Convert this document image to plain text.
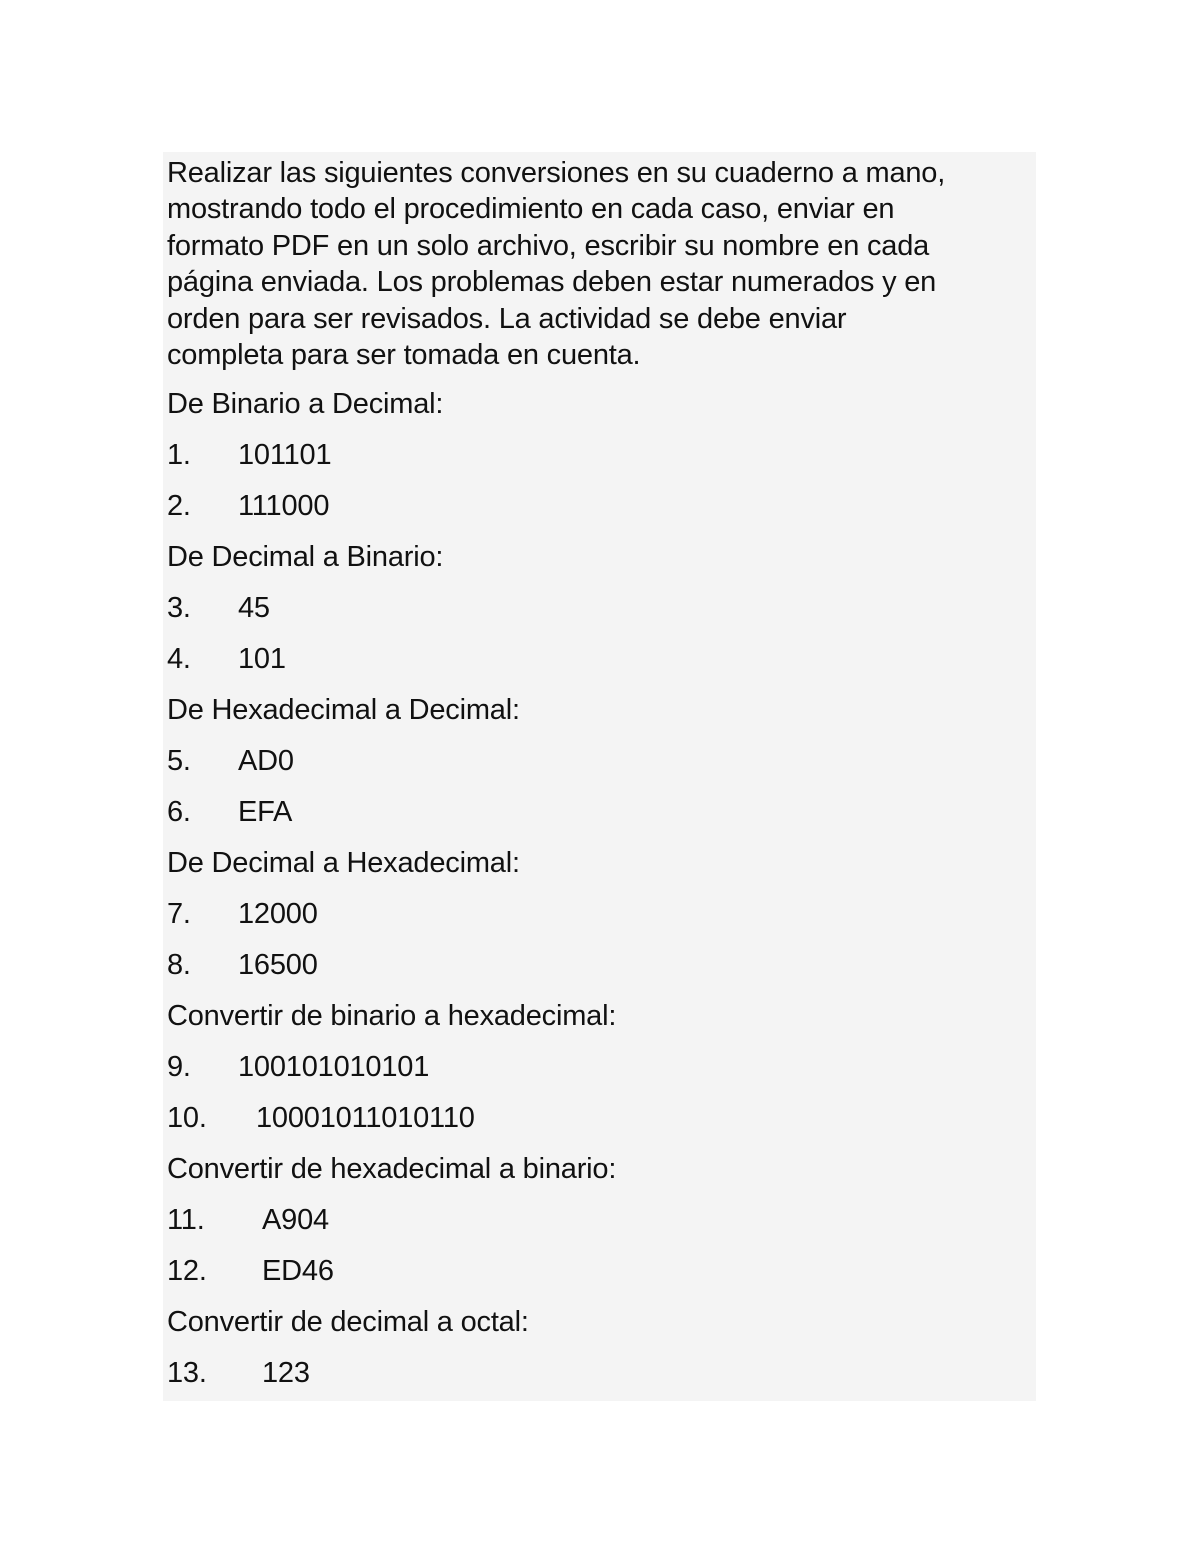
Realizar las siguientes conversiones en su cuaderno a mano,
mostrando todo el procedimiento en cada caso, enviar en
formato PDF en un solo archivo, escribir su nombre en cada
página enviada. Los problemas deben estar numerados y en
orden para ser revisados. La actividad se debe enviar
completa para ser tomada en cuenta.

De Binario a Decimal:

1. 101101

2. 111000

De Decimal a Binario:

3. 45

4. 101

De Hexadecimal a Decimal:

5. AD0

6. EFA

De Decimal a Hexadecimal:

7. 12000

8. 16500

Convertir de binario a hexadecimal:

9. 100101010101

10. 10001011010110

Convertir de hexadecimal a binario:

11. A904

12. ED46

Convertir de decimal a octal:

13. 123
